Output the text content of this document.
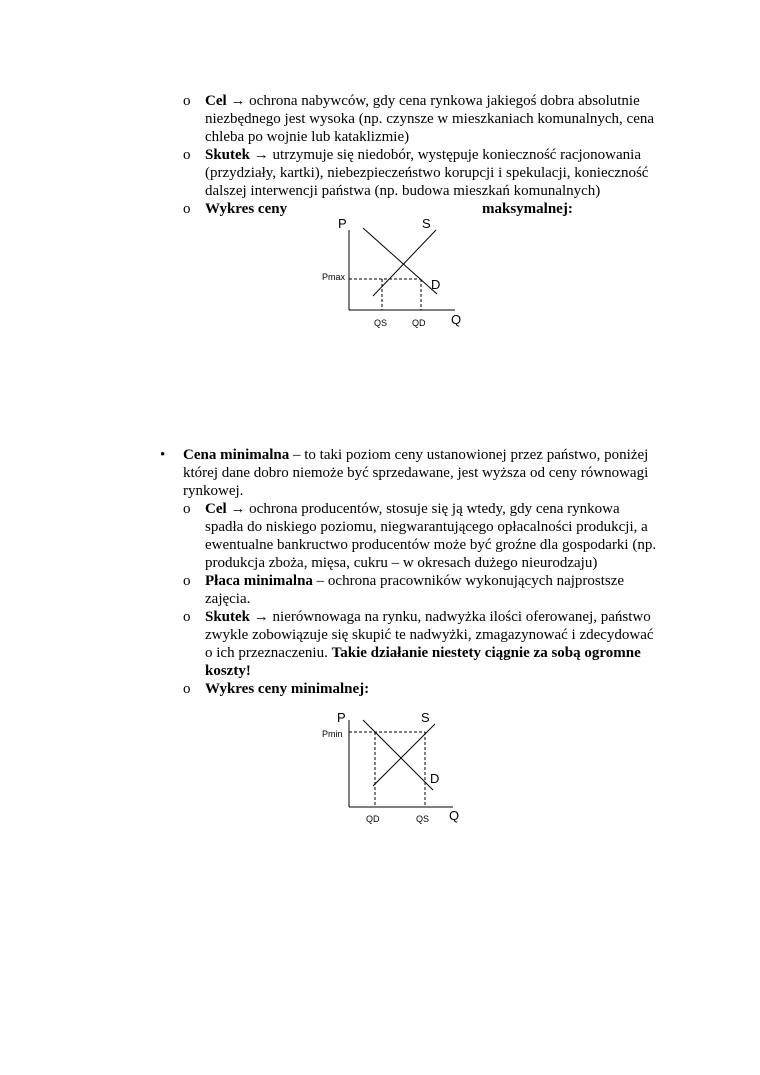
o Cel → ochrona nabywców, gdy cena rynkowa jakiegoś dobra absolutnie
niezbędnego jest wysoka (np. czynsze w mieszkaniach komunalnych, cena
chleba po wojnie lub kataklizmie)
o Skutek → utrzymuje się niedobór, występuje konieczność racjonowania
(przydziały, kartki), niebezpieczeństwo korupcji i spekulacji, konieczność
dalszej interwencji państwa (np. budowa mieszkań komunalnych)
o Wykres ceny	maksymalnej:
P	S
D
Q
Pmax
QS	QD
• Cena minimalna – to taki poziom ceny ustanowionej przez państwo, poniżej
której dane dobro niemoże być sprzedawane, jest wyższa od ceny równowagi
rynkowej.
o Cel → ochrona producentów, stosuje się ją wtedy, gdy cena rynkowa
spadła do niskiego poziomu, niegwarantującego opłacalności produkcji, a
ewentualne bankructwo producentów może być groźne dla gospodarki (np.
produkcja zboża, mięsa, cukru – w okresach dużego nieurodzaju)
o Płaca minimalna – ochrona pracowników wykonujących najprostsze
zajęcia.
o Skutek → nierównowaga na rynku, nadwyżka ilości oferowanej, państwo
zwykle zobowiązuje się skupić te nadwyżki, zmagazynować i zdecydować
o ich przeznaczeniu. Takie działanie niestety ciągnie za sobą ogromne
koszty!
o Wykres ceny minimalnej:
P	S
D
Q
Pmin
QD	QS
